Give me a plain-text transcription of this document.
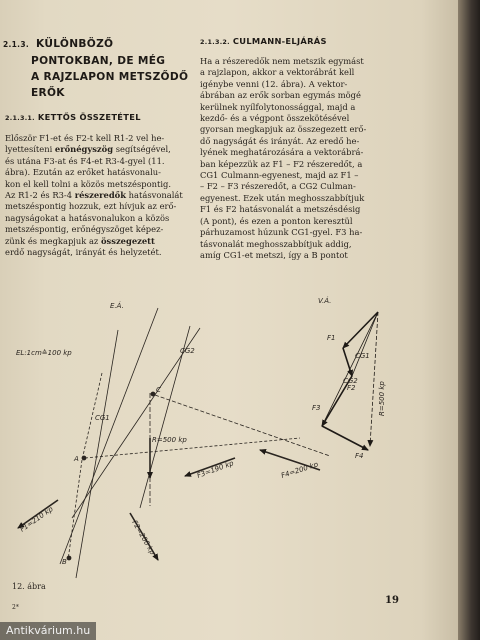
2.1.3. KÜLÖNBÖZŐ
PONTOKBAN, DE MÉG
A RAJZLAPON METSZŐDŐ
ERŐK
2.1.3.1. KETTŐS ÖSSZETÉTEL
2.1.3.2. CULMANN-ELJÁRÁS

Először F1-et és F2-t kell R1-2 vel he-

lyettesíteni erőnégyszög segítségével,

és utána F3-at és F4-et R3-4-gyel (11.

ábra). Ezután az erőket hatásvonalu-

kon el kell tolni a közös metszéspontig.

Az R1-2 és R3-4 részeredők hatásvonalát

metszéspontig hozzuk, ezt hívjuk az erő-

nagyságokat a hatásvonalukon a közös

metszéspontig, erőnégyszöget képez-

zünk és megkapjuk az összegezett

erdő nagyságát, irányát és helyzetét.

Ha a részeredők nem metszik egymást

a rajzlapon, akkor a vektorábrát kell

igénybe venni (12. ábra). A vektor-

ábrában az erők sorban egymás mögé

kerülnek nyílfolytonossággal, majd a

kezdő- és a végpont összekötésével

gyorsan megkapjuk az összegezett erő-

dő nagyságát és irányát. Az eredő he-

lyének meghatározására a vektorábrá-

ban képezzük az F1 – F2 részeredőt, a

CG1 Culmann-egyenest, majd az F1 –

– F2 – F3 részeredőt, a CG2 Culman-

egyenest. Ezek után meghosszabbítjuk

F1 és F2 hatásvonalát a metszésdésig

(A pont), és ezen a ponton keresztül

párhuzamost húzunk CG1-gyel. F3 ha-

tásvonalát meghosszabbítjuk addig,

amíg CG1-et metszi, így a B pontot

E.Á.
EL:1cm≙100 kp
CG1
CG2
A
B
C
R=500 kp
F3=190 kp	F4=200 kp
F1=210 kp	F2=200 kp
V.Á.
F1
CG1
CG2
F2
F3
F4
R=500 kp
12. ábra
2*
19
Antikvárium.hu
